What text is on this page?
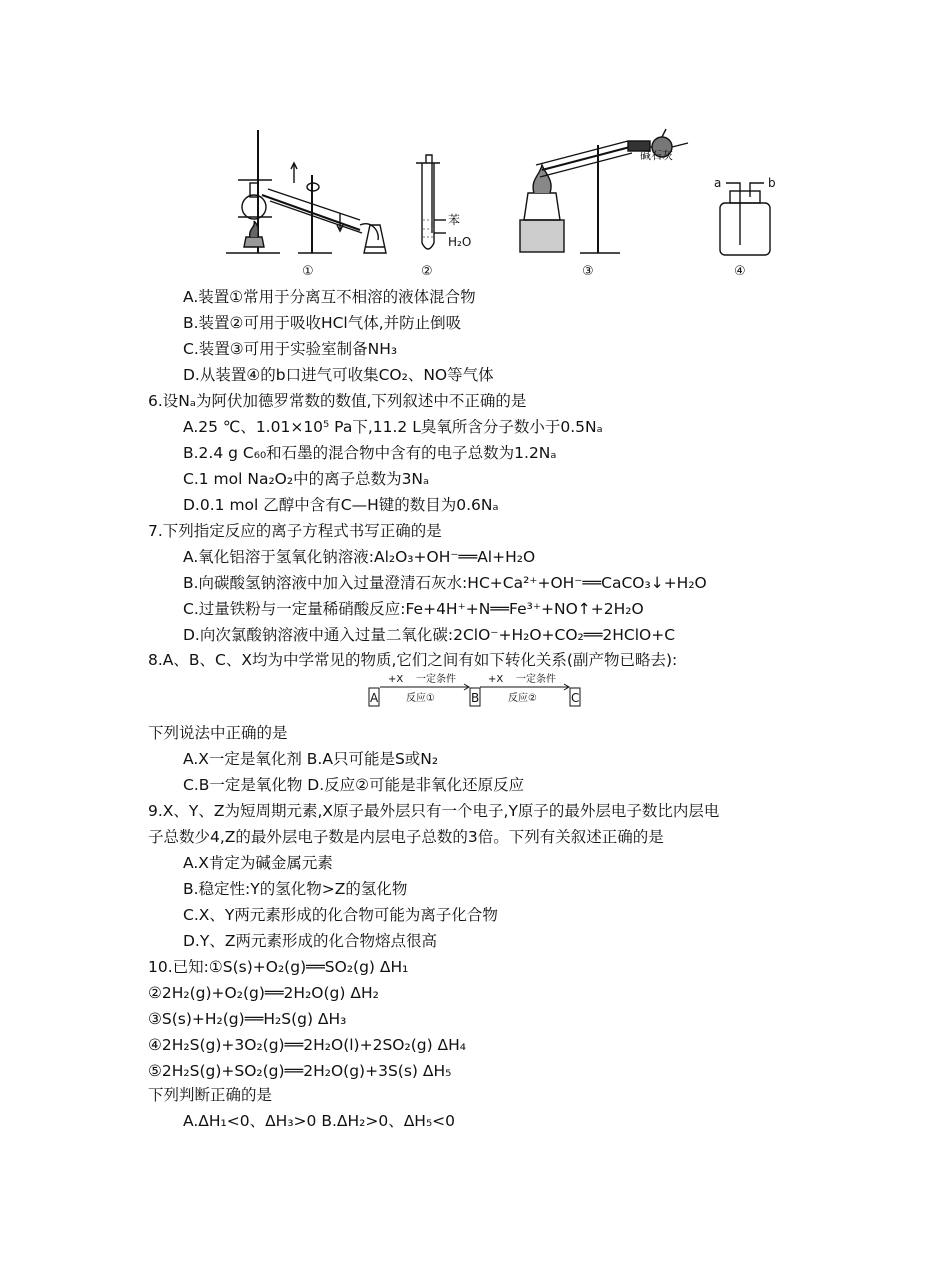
①	②	③	④
苯
H₂O
碱石灰
a	b
A.装置①常用于分离互不相溶的液体混合物
B.装置②可用于吸收HCl气体,并防止倒吸
C.装置③可用于实验室制备NH₃
D.从装置④的b口进气可收集CO₂、NO等气体
6.设Nₐ为阿伏加德罗常数的数值,下列叙述中不正确的是
A.25 ℃、1.01×10⁵ Pa下,11.2 L臭氧所含分子数小于0.5Nₐ
B.2.4 g C₆₀和石墨的混合物中含有的电子总数为1.2Nₐ
C.1 mol Na₂O₂中的离子总数为3Nₐ
D.0.1 mol 乙醇中含有C—H键的数目为0.6Nₐ
7.下列指定反应的离子方程式书写正确的是
A.氧化铝溶于氢氧化钠溶液:Al₂O₃+OH⁻══Al+H₂O
B.向碳酸氢钠溶液中加入过量澄清石灰水:HC+Ca²⁺+OH⁻══CaCO₃↓+H₂O
C.过量铁粉与一定量稀硝酸反应:Fe+4H⁺+N══Fe³⁺+NO↑+2H₂O
D.向次氯酸钠溶液中通入过量二氧化碳:2ClO⁻+H₂O+CO₂══2HClO+C
8.A、B、C、X均为中学常见的物质,它们之间有如下转化关系(副产物已略去):
+X 一定条件
反应①
+X 一定条件
反应②
A	B	C
下列说法中正确的是
A.X一定是氧化剂 B.A只可能是S或N₂
C.B一定是氧化物 D.反应②可能是非氧化还原反应
9.X、Y、Z为短周期元素,X原子最外层只有一个电子,Y原子的最外层电子数比内层电
子总数少4,Z的最外层电子数是内层电子总数的3倍。下列有关叙述正确的是
A.X肯定为碱金属元素
B.稳定性:Y的氢化物>Z的氢化物
C.X、Y两元素形成的化合物可能为离子化合物
D.Y、Z两元素形成的化合物熔点很高
10.已知:①S(s)+O₂(g)══SO₂(g) ΔH₁
②2H₂(g)+O₂(g)══2H₂O(g) ΔH₂
③S(s)+H₂(g)══H₂S(g) ΔH₃
④2H₂S(g)+3O₂(g)══2H₂O(l)+2SO₂(g) ΔH₄
⑤2H₂S(g)+SO₂(g)══2H₂O(g)+3S(s) ΔH₅
下列判断正确的是
A.ΔH₁<0、ΔH₃>0 B.ΔH₂>0、ΔH₅<0
